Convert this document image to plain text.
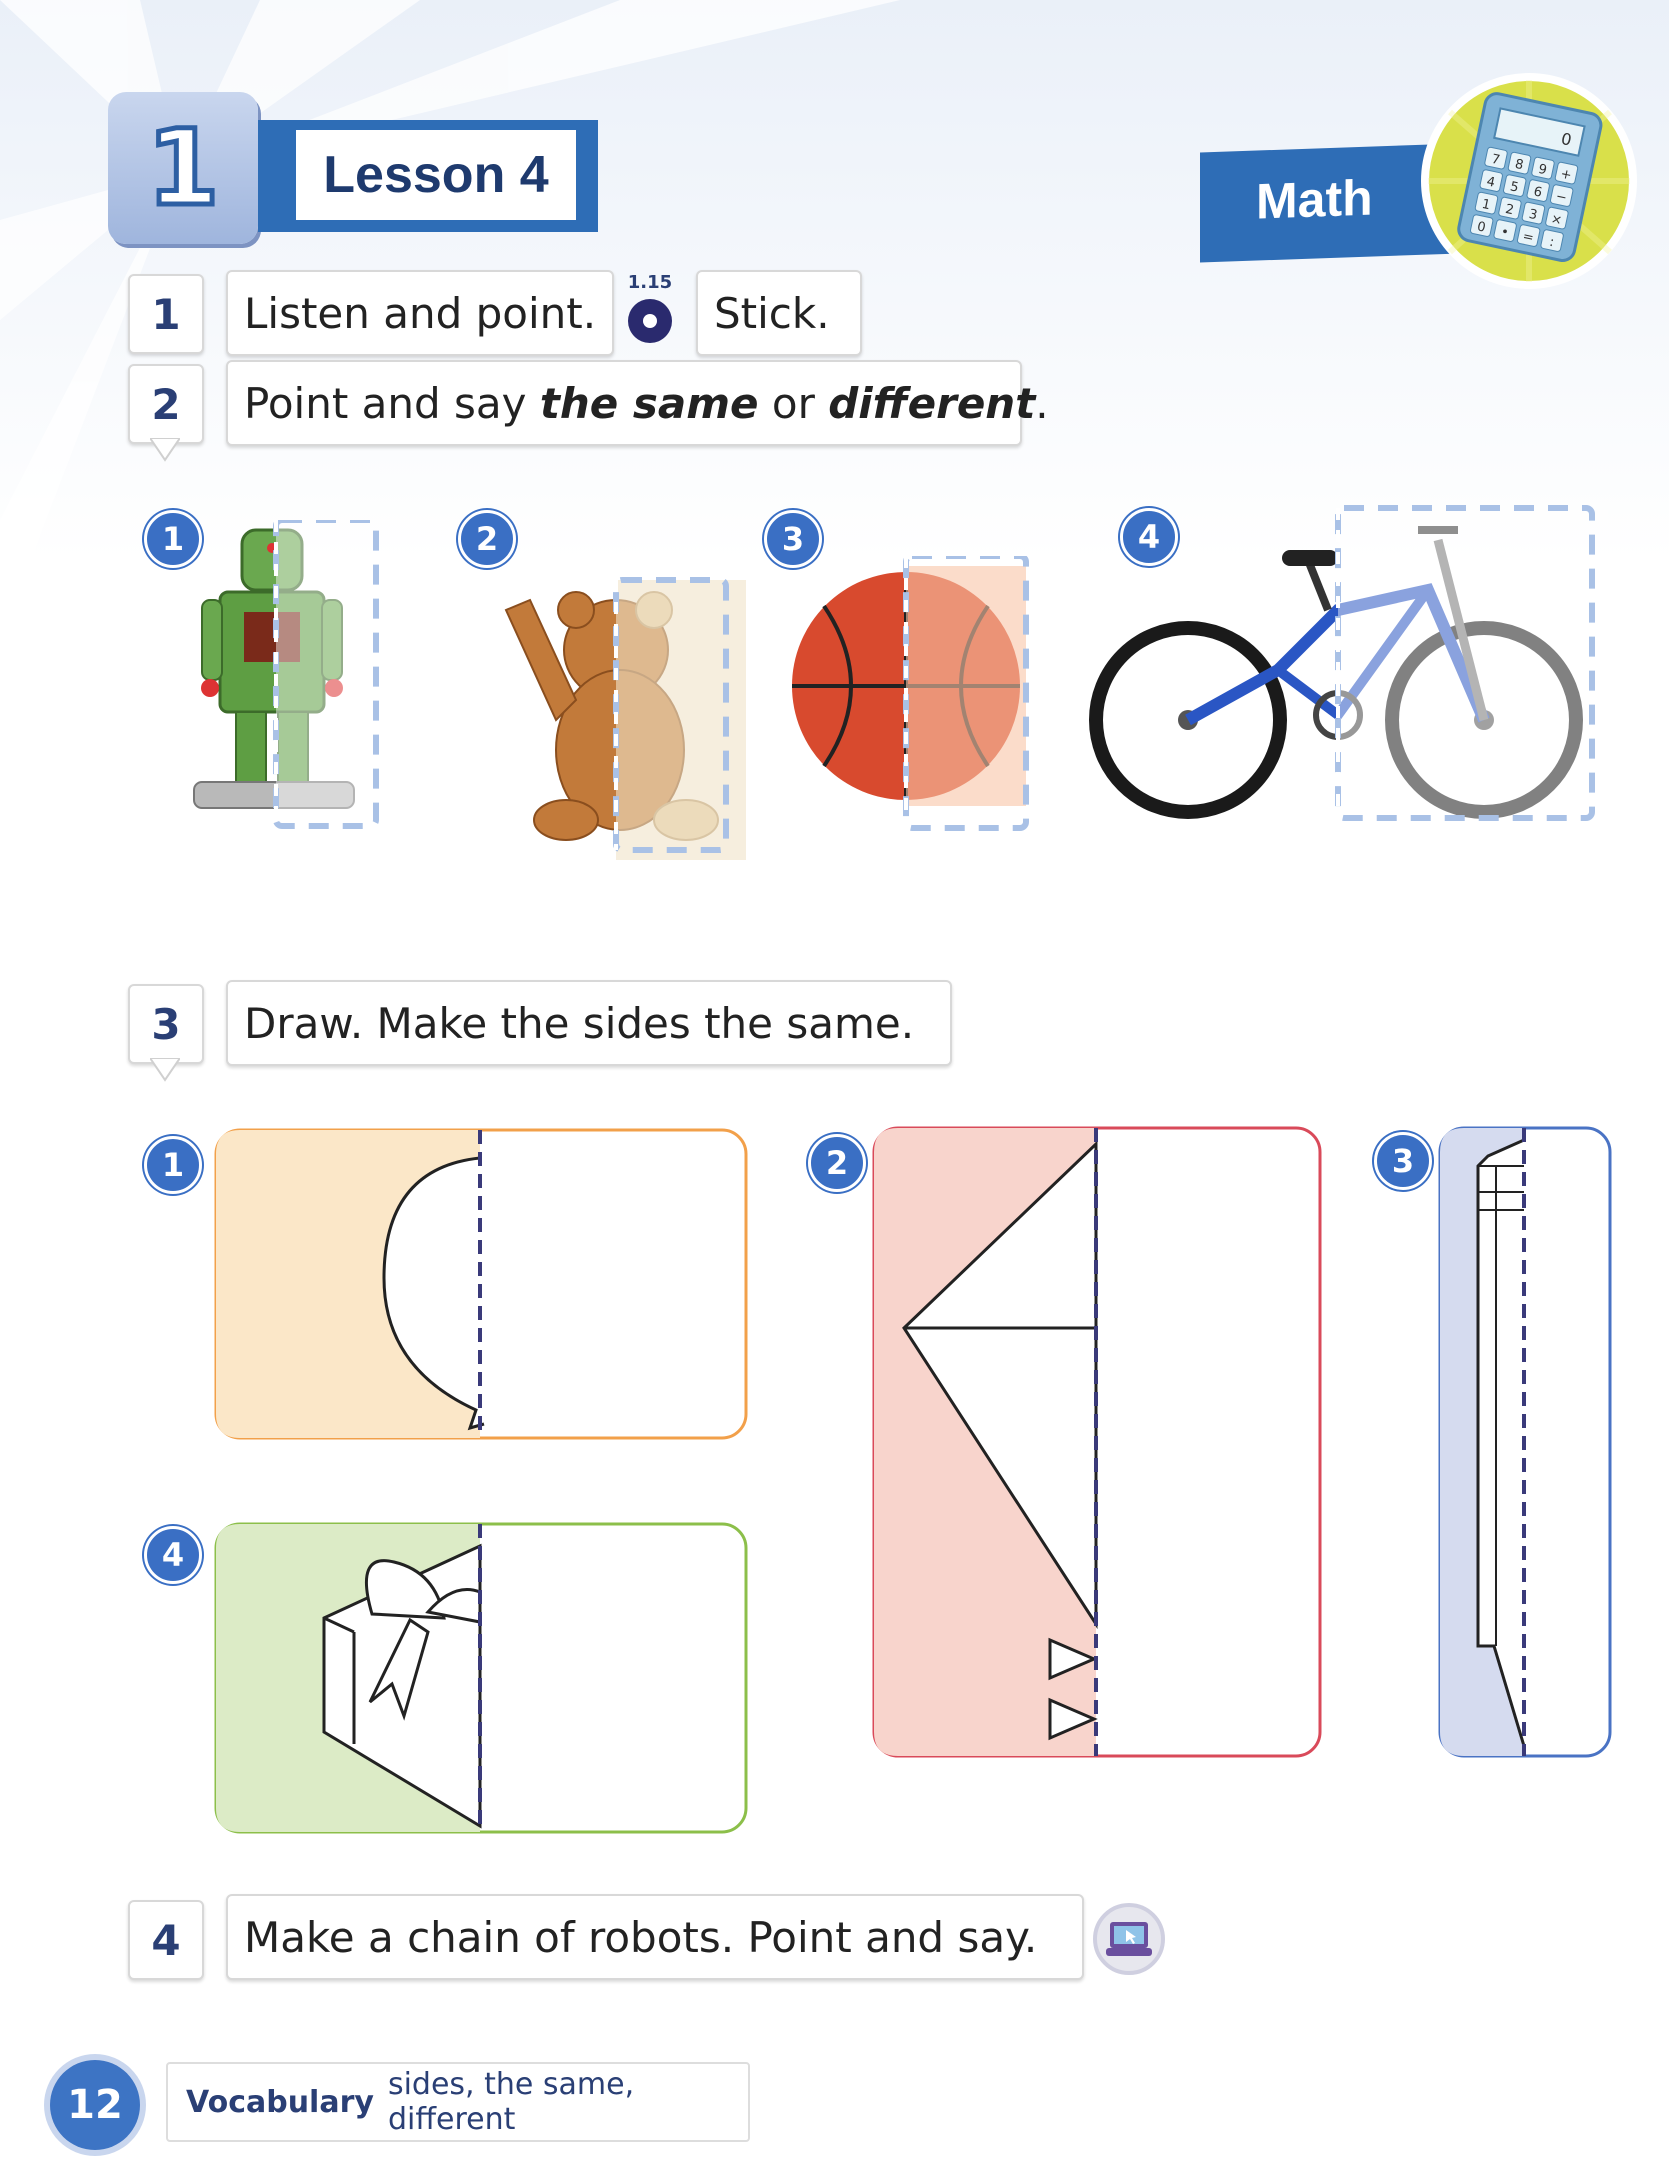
1 Lesson 4	Math
0
7 8 9 +
4 5 6 −
1 2 3 ×
0 • = :
1	Listen and point.
1.15
Stick.
2	Point and say the same or different .
1	2	3	4
3	Draw. Make the sides the same.
1	2	3
4
4	Make a chain of robots. Point and say.
12	Vocabulary sides, the same, different
